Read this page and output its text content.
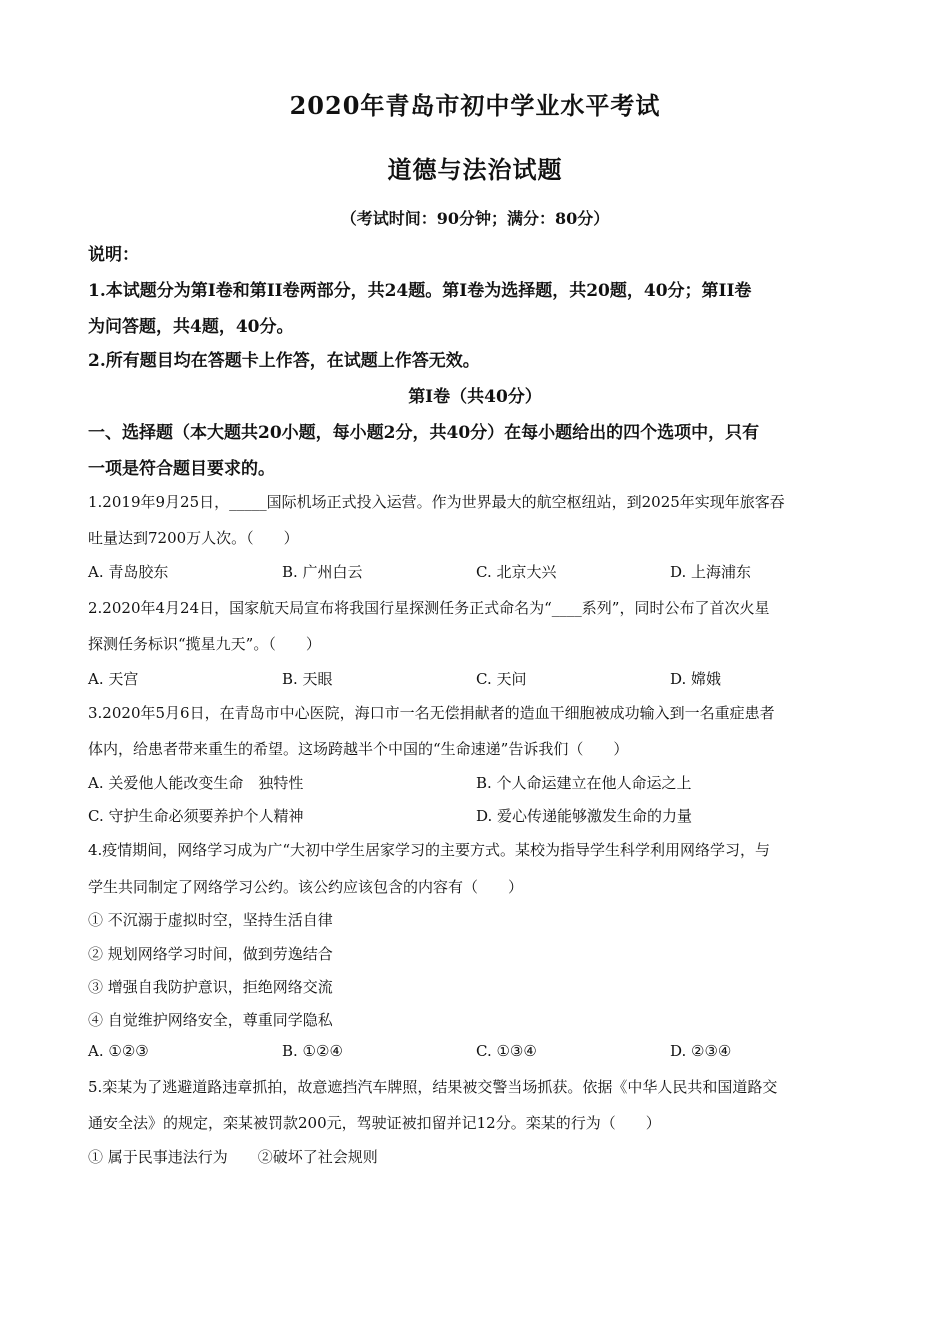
2020年青岛市初中学业水平考试
道德与法治试题
（考试时间：90分钟；满分：80分）
说明：
1.本试题分为第Ⅰ卷和第II卷两部分，共24题。第Ⅰ卷为选择题，共20题，40分；第II卷
为问答题，共4题，40分。
2.所有题目均在答题卡上作答，在试题上作答无效。
第Ⅰ卷（共40分）
一、选择题（本大题共20小题，每小题2分，共40分）在每小题给出的四个选项中，只有
一项是符合题目要求的。
1.2019年9月25日，_____国际机场正式投入运营。作为世界最大的航空枢纽站，到2025年实现年旅客吞
吐量达到7200万人次。（　　）
A. 青岛胶东	B. 广州白云	C. 北京大兴	D. 上海浦东
2.2020年4月24日，国家航天局宣布将我国行星探测任务正式命名为“____系列”，同时公布了首次火星
探测任务标识“揽星九天”。（　　）
A. 天宫	B. 天眼	C. 天问	D. 嫦娥
3.2020年5月6日，在青岛市中心医院，海口市一名无偿捐献者的造血干细胞被成功输入到一名重症患者
体内，给患者带来重生的希望。这场跨越半个中国的“生命速递”告诉我们（　　）
A. 关爱他人能改变生命　独特性	B. 个人命运建立在他人命运之上
C. 守护生命必须要养护个人精神	D. 爱心传递能够激发生命的力量
4.疫情期间，网络学习成为广“大初中学生居家学习的主要方式。某校为指导学生科学利用网络学习，与
学生共同制定了网络学习公约。该公约应该包含的内容有（　　）
① 不沉溺于虚拟时空，坚持生活自律
② 规划网络学习时间，做到劳逸结合
③ 增强自我防护意识，拒绝网络交流
④ 自觉维护网络安全，尊重同学隐私
A. ①②③	B. ①②④	C. ①③④	D. ②③④
5.栾某为了逃避道路违章抓拍，故意遮挡汽车牌照，结果被交警当场抓获。依据《中华人民共和国道路交
通安全法》的规定，栾某被罚款200元，驾驶证被扣留并记12分。栾某的行为（　　）
① 属于民事违法行为　　②破坏了社会规则
